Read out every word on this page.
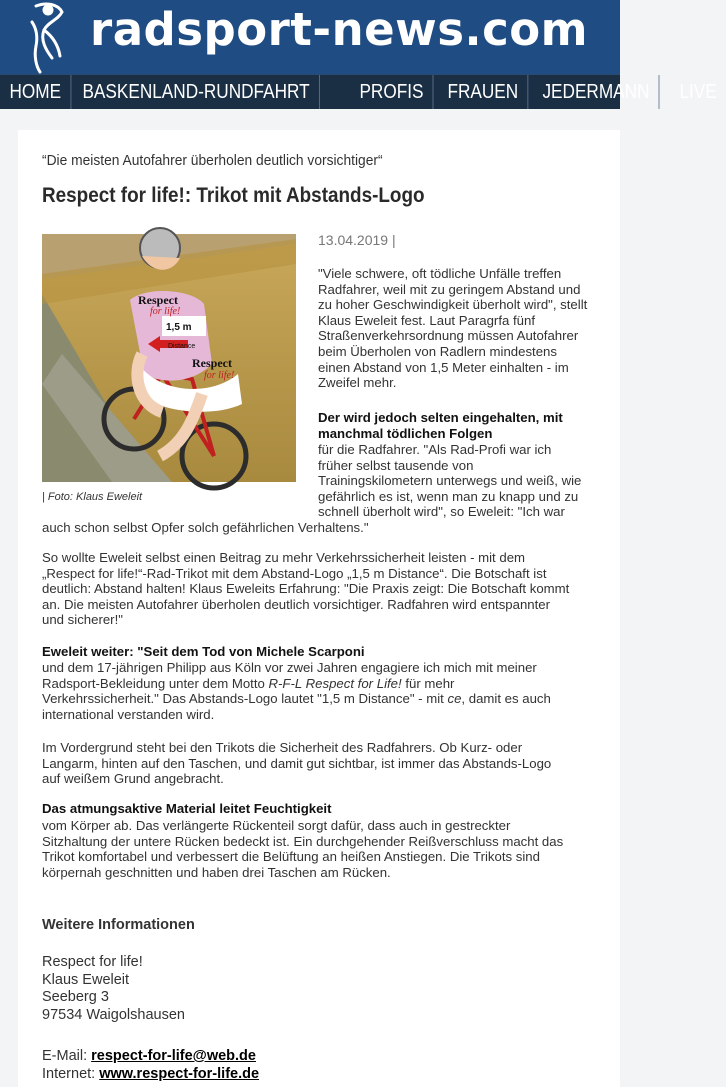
radsport-news.com
HOME	BASKENLAND-RUNDFAHRT	PROFIS	FRAUEN	JEDERMANN	LIVE
“Die meisten Autofahrer überholen deutlich vorsichtiger“
Respect for life!: Trikot mit Abstands-Logo
1,5 m
Distance
Respect
for life!
Respect
for life!
| Foto: Klaus Eweleit
13.04.2019 |
"Viele schwere, oft tödliche Unfälle treffen
Radfahrer, weil mit zu geringem Abstand und
zu hoher Geschwindigkeit überholt wird", stellt
Klaus Eweleit fest. Laut Paragrfa fünf
Straßenverkehrsordnung müssen Autofahrer
beim Überholen von Radlern mindestens
einen Abstand von 1,5 Meter einhalten - im
Zweifel mehr.
Der wird jedoch selten eingehalten, mit
manchmal tödlichen Folgen
für die Radfahrer. "Als Rad-Profi war ich
früher selbst tausende von
Trainingskilometern unterwegs und weiß, wie
gefährlich es ist, wenn man zu knapp und zu
schnell überholt wird", so Eweleit: "Ich war
auch schon selbst Opfer solch gefährlichen Verhaltens."
So wollte Eweleit selbst einen Beitrag zu mehr Verkehrssicherheit leisten - mit dem
„Respect for life!“-Rad-Trikot mit dem Abstand-Logo „1,5 m Distance“. Die Botschaft ist
deutlich: Abstand halten! Klaus Eweleits Erfahrung: "Die Praxis zeigt: Die Botschaft kommt
an. Die meisten Autofahrer überholen deutlich vorsichtiger. Radfahren wird entspannter
und sicherer!"
Eweleit weiter: "Seit dem Tod von Michele Scarponi
und dem 17-jährigen Philipp aus Köln vor zwei Jahren engagiere ich mich mit meiner
Radsport-Bekleidung unter dem Motto R-F-L Respect for Life! für mehr
Verkehrssicherheit." Das Abstands-Logo lautet "1,5 m Distance" - mit ce, damit es auch
international verstanden wird.
Im Vordergrund steht bei den Trikots die Sicherheit des Radfahrers. Ob Kurz- oder
Langarm, hinten auf den Taschen, und damit gut sichtbar, ist immer das Abstands-Logo
auf weißem Grund angebracht.
Das atmungsaktive Material leitet Feuchtigkeit
vom Körper ab. Das verlängerte Rückenteil sorgt dafür, dass auch in gestreckter
Sitzhaltung der untere Rücken bedeckt ist. Ein durchgehender Reißverschluss macht das
Trikot komfortabel und verbessert die Belüftung an heißen Anstiegen. Die Trikots sind
körpernah geschnitten und haben drei Taschen am Rücken.
Weitere Informationen
Respect for life!
Klaus Eweleit
Seeberg 3
97534 Waigolshausen
E-Mail: respect-for-life@web.de
Internet: www.respect-for-life.de
